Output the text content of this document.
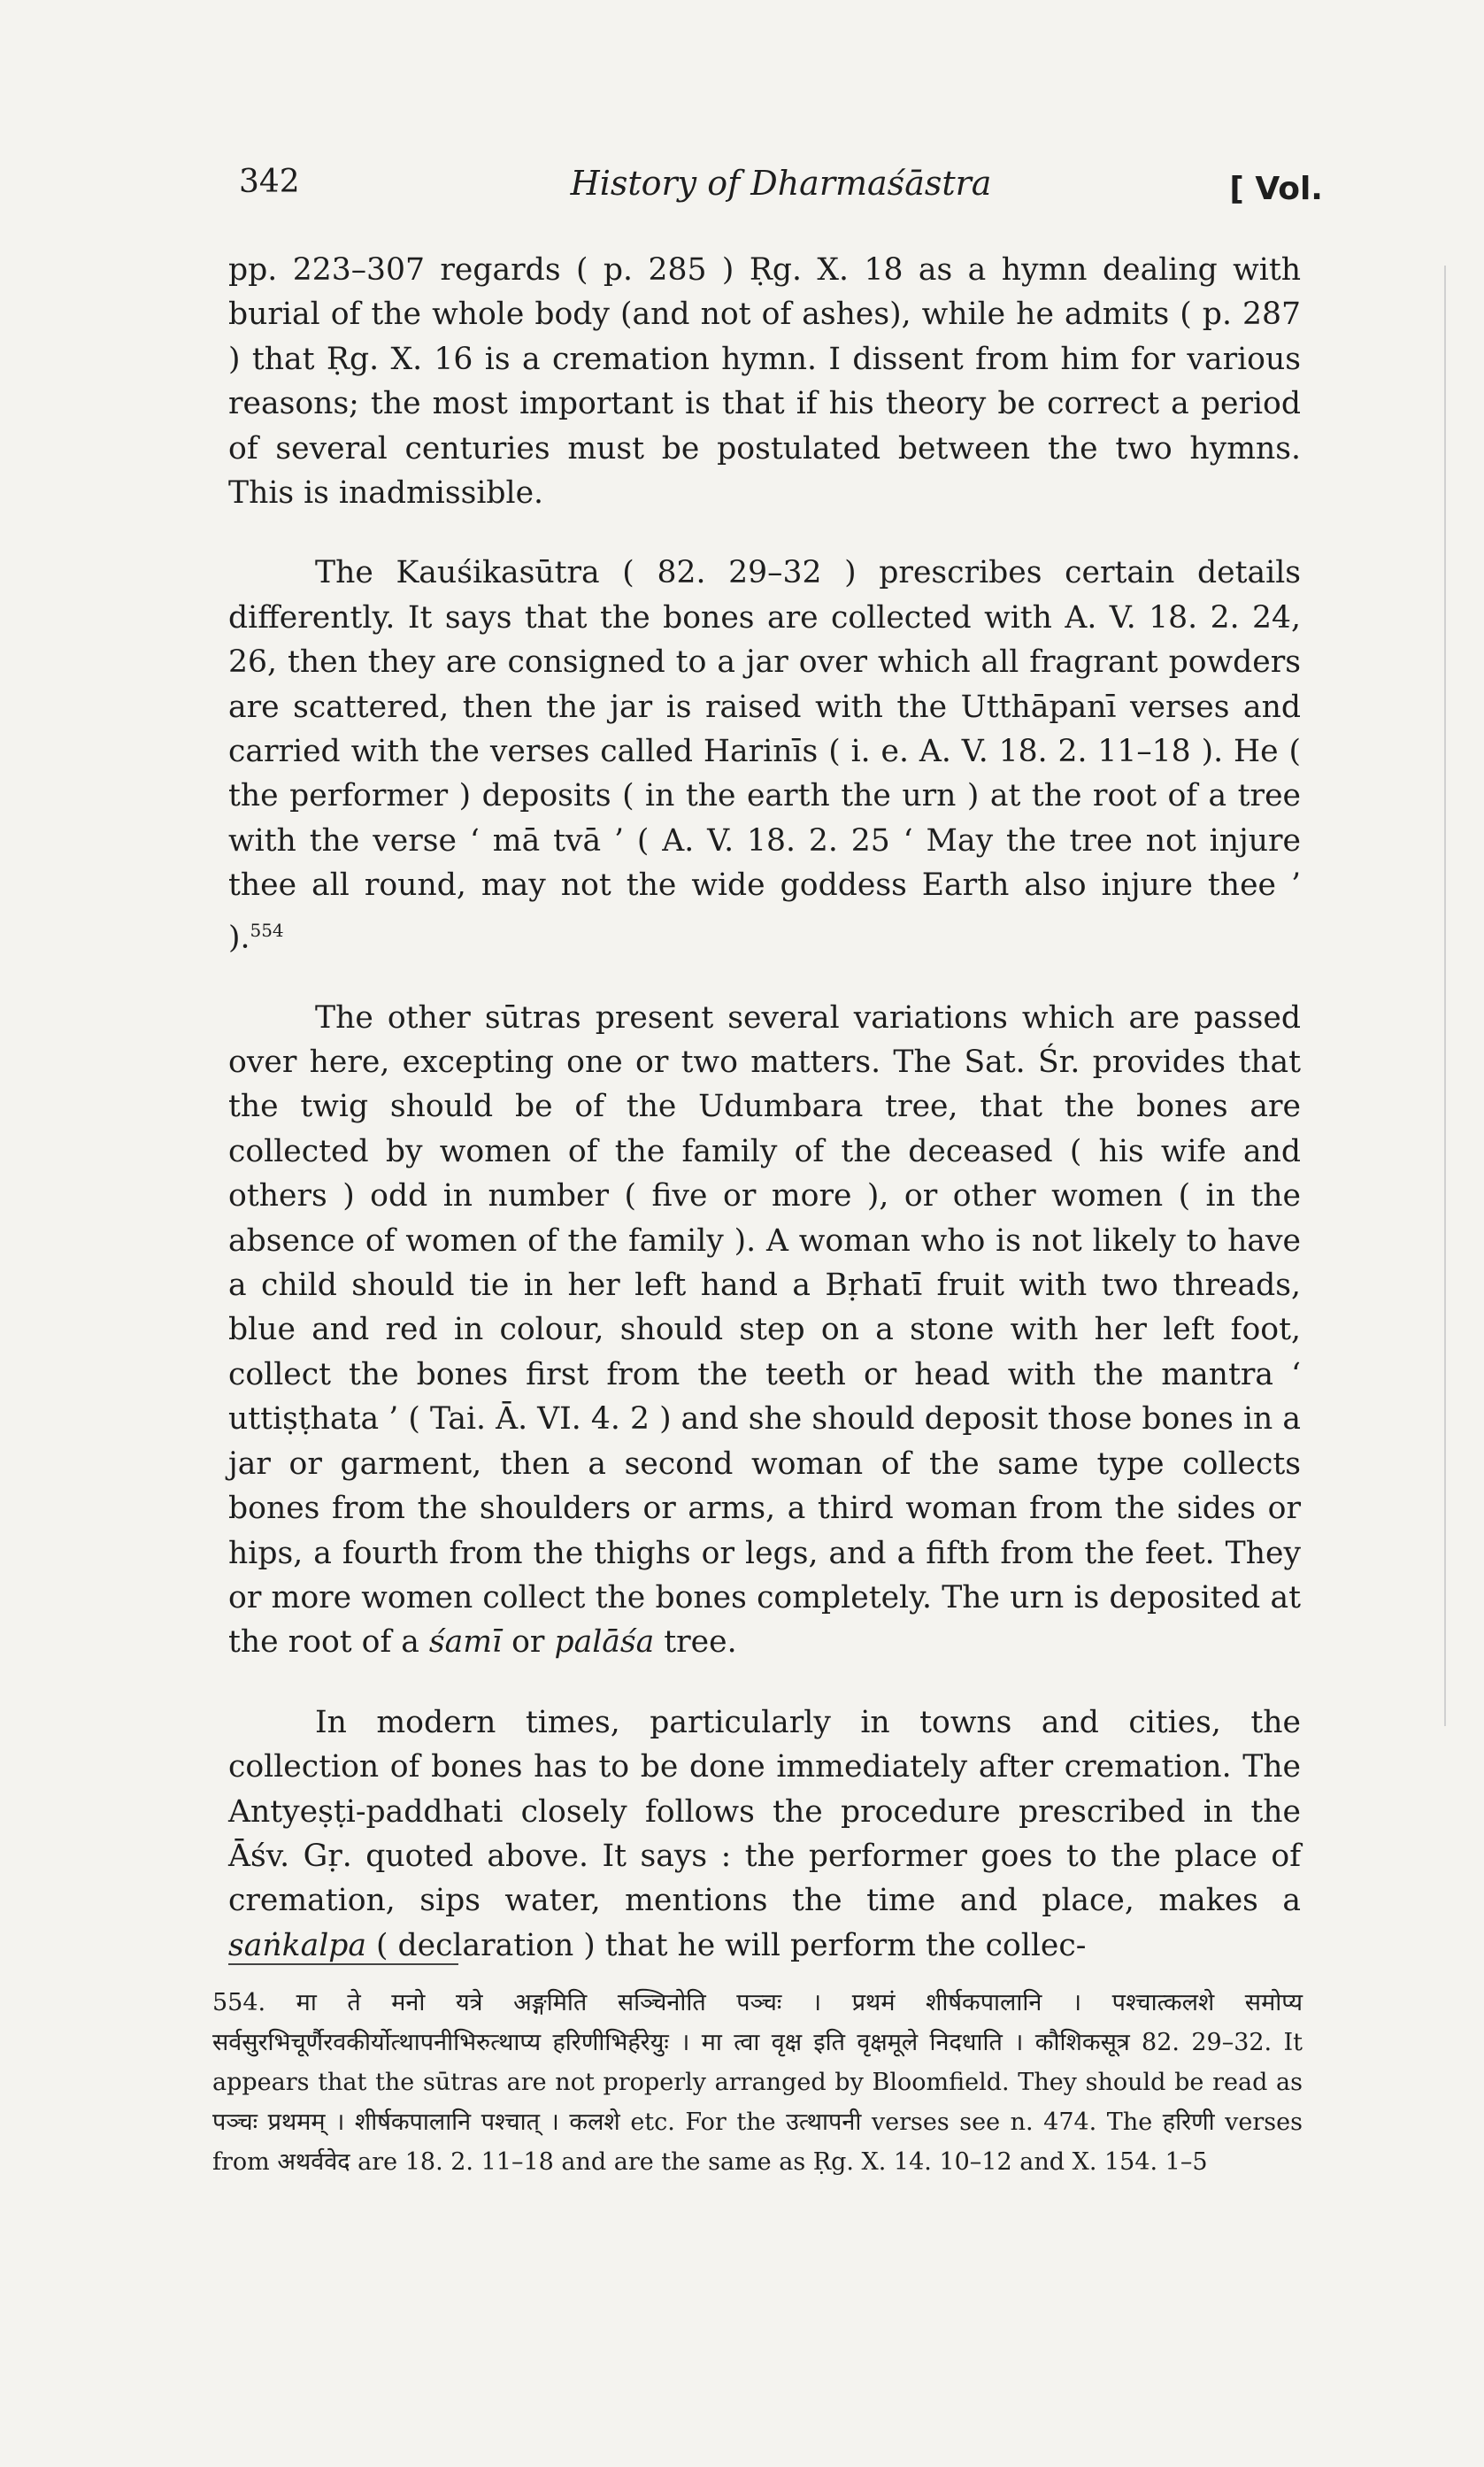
342	History of Dharmaśāstra	[ Vol.

pp. 223–307 regards ( p. 285 ) Ṛg. X. 18 as a hymn dealing with burial of the whole body (and not of ashes), while he admits ( p. 287 ) that Ṛg. X. 16 is a cremation hymn. I dissent from him for various reasons; the most important is that if his theory be correct a period of several centuries must be postulated between the two hymns. This is inadmissible.

The Kauśikasūtra ( 82. 29–32 ) prescribes certain details differently. It says that the bones are collected with A. V. 18. 2. 24, 26, then they are consigned to a jar over which all fragrant powders are scattered, then the jar is raised with the Utthāpanī verses and carried with the verses called Harinīs ( i. e. A. V. 18. 2. 11–18 ). He ( the performer ) deposits ( in the earth the urn ) at the root of a tree with the verse ‘ mā tvā ’ ( A. V. 18. 2. 25 ‘ May the tree not injure thee all round, may not the wide goddess Earth also injure thee ’ ).$^{554}$

The other sūtras present several variations which are passed over here, excepting one or two matters. The Sat. Śr. provides that the twig should be of the Udumbara tree, that the bones are collected by women of the family of the deceased ( his wife and others ) odd in number ( five or more ), or other women ( in the absence of women of the family ). A woman who is not likely to have a child should tie in her left hand a Bṛhatī fruit with two threads, blue and red in colour, should step on a stone with her left foot, collect the bones first from the teeth or head with the mantra ‘ uttiṣṭhata ’ ( Tai. Ā. VI. 4. 2 ) and she should deposit those bones in a jar or garment, then a second woman of the same type collects bones from the shoulders or arms, a third woman from the sides or hips, a fourth from the thighs or legs, and a fifth from the feet. They or more women collect the bones completely. The urn is deposited at the root of a śamī or palāśa tree.

In modern times, particularly in towns and cities, the collection of bones has to be done immediately after cremation. The Antyeṣṭi-paddhati closely follows the procedure prescribed in the Āśv. Gṛ. quoted above. It says : the performer goes to the place of cremation, sips water, mentions the time and place, makes a saṅkalpa ( declaration ) that he will perform the collec-

554. मा ते मनो यत्रे अङ्गमिति सञ्चिनोति पञ्चः । प्रथमं शीर्षकपालानि । पश्चात्कलशे समोप्य सर्वसुरभिचूर्णैरवकीर्योत्थापनीभिरुत्थाप्य हरिणीभिर्हरेयुः । मा त्वा वृक्ष इति वृक्षमूले निदधाति । कौशिकसूत्र 82. 29–32. It appears that the sūtras are not properly arranged by Bloomfield. They should be read as पञ्चः प्रथमम् । शीर्षकपालानि पश्चात् । कलशे etc. For the उत्थापनी verses see n. 474. The हरिणी verses from अथर्ववेद are 18. 2. 11–18 and are the same as Ṛg. X. 14. 10–12 and X. 154. 1–5
